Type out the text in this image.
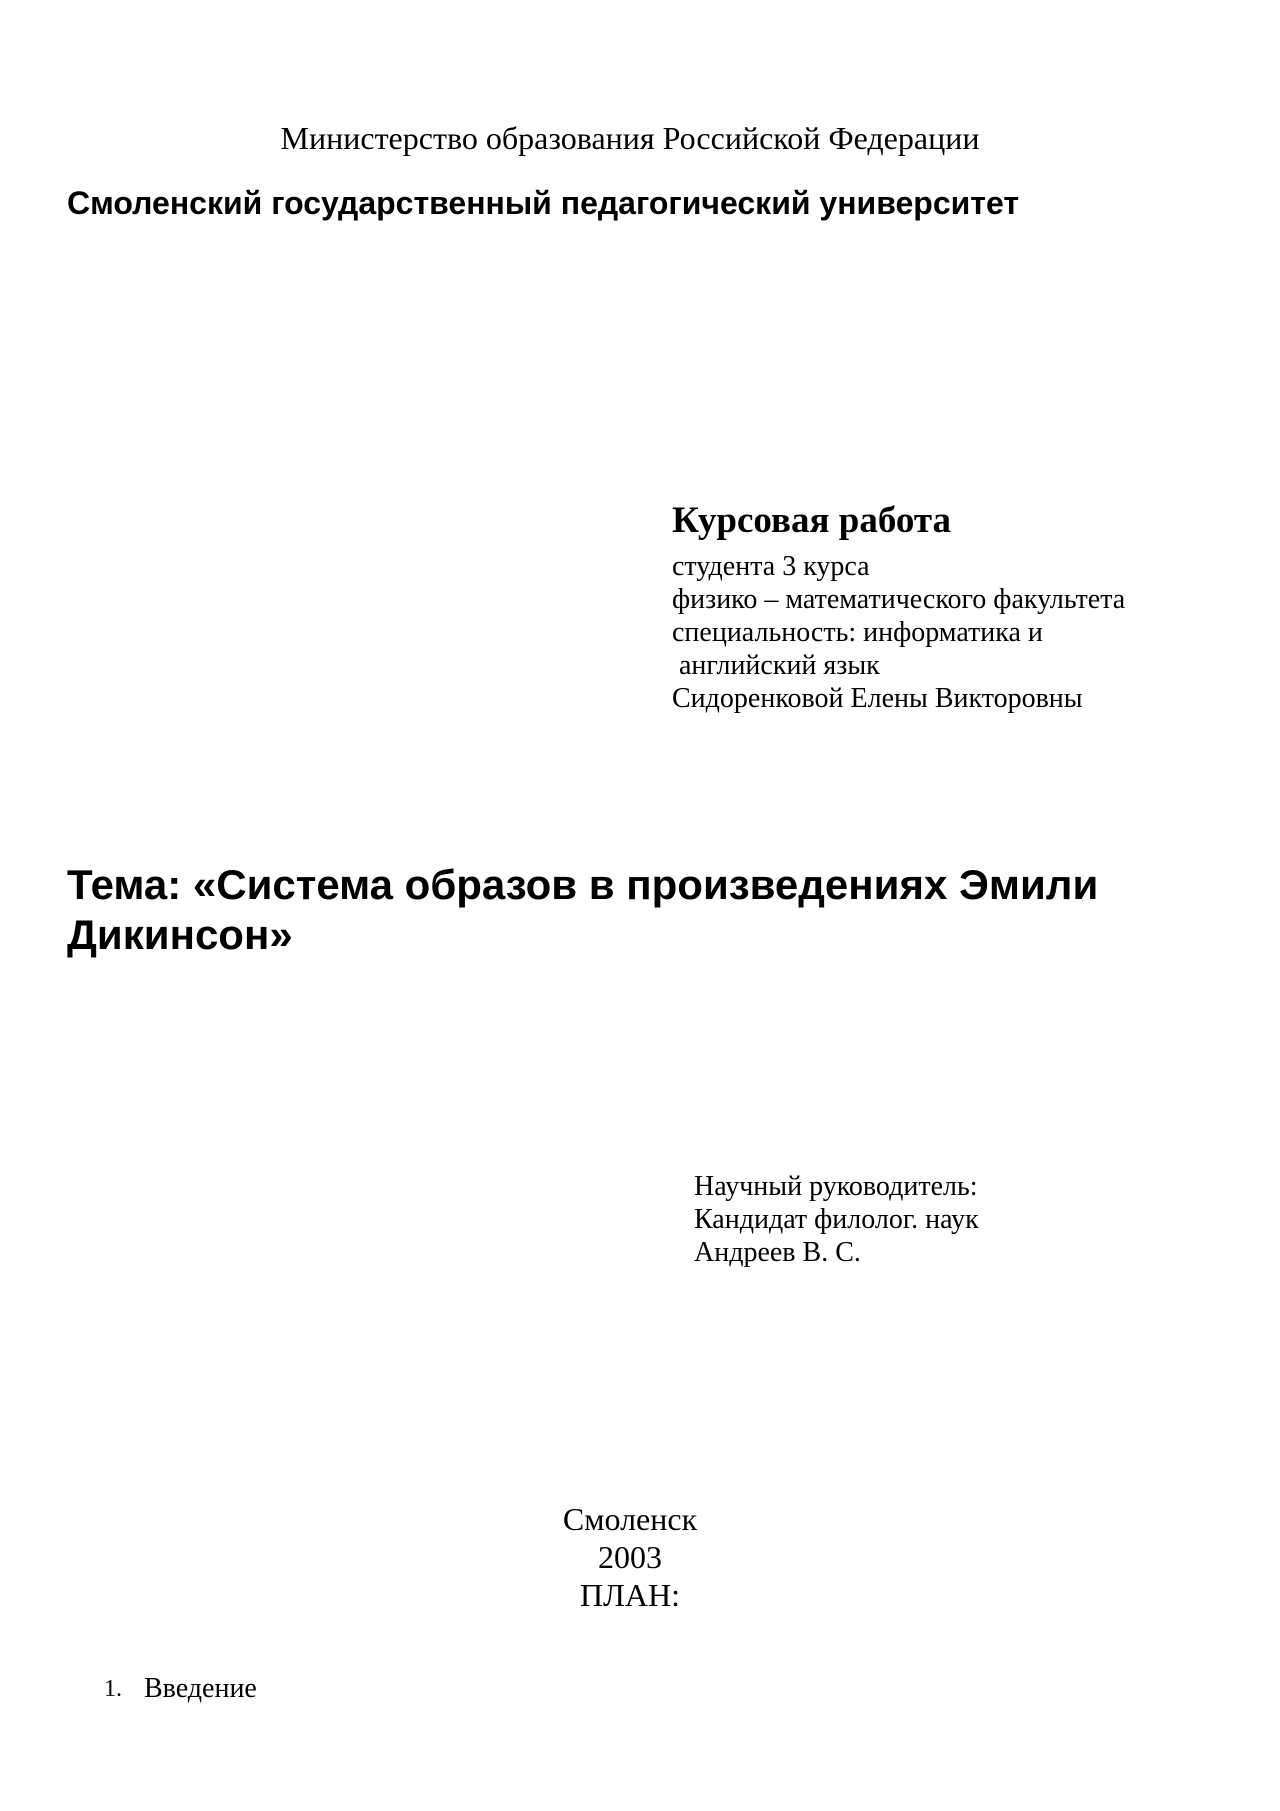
Министерство образования Российской Федерации
Смоленский государственный педагогический университет
Курсовая работа
студента 3 курса
физико – математического факультета
специальность: информатика и
английский язык
Сидоренковой Елены Викторовны
Тема: «Система образов в произведениях Эмили Дикинсон»
Научный руководитель:
Кандидат филолог. наук
Андреев В. С.
Смоленск
2003
ПЛАН:
1. Введение
